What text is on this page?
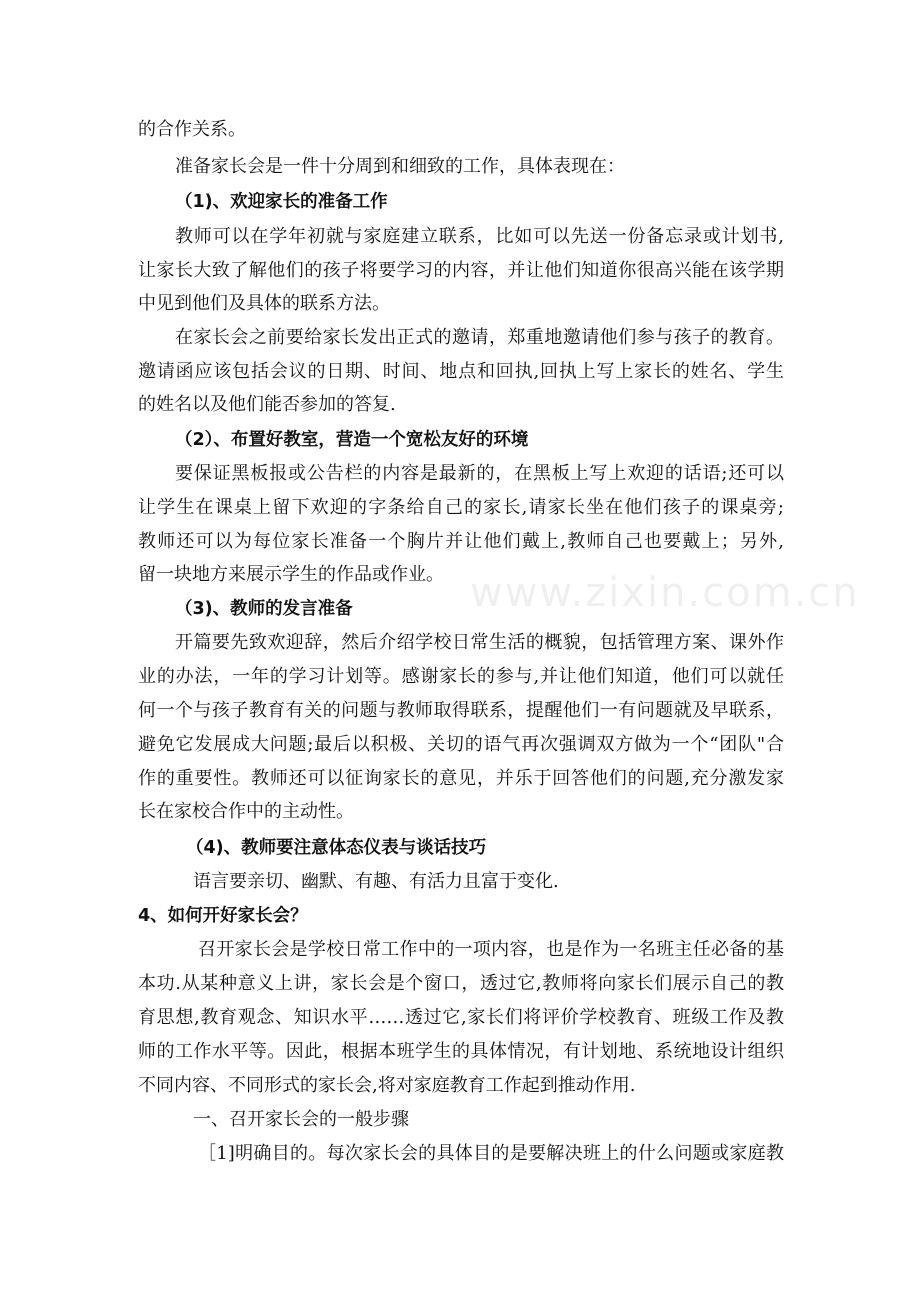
www.zixin.com.cn
的合作关系。
准备家长会是一件十分周到和细致的工作，具体表现在：
（1)、欢迎家长的准备工作
教师可以在学年初就与家庭建立联系，比如可以先送一份备忘录或计划书,
让家长大致了解他们的孩子将要学习的内容，并让他们知道你很高兴能在该学期
中见到他们及具体的联系方法。
在家长会之前要给家长发出正式的邀请，郑重地邀请他们参与孩子的教育。
邀请函应该包括会议的日期、时间、地点和回执,回执上写上家长的姓名、学生
的姓名以及他们能否参加的答复.
（2）、布置好教室，营造一个宽松友好的环境
要保证黑板报或公告栏的内容是最新的，在黑板上写上欢迎的话语;还可以
让学生在课桌上留下欢迎的字条给自己的家长,请家长坐在他们孩子的课桌旁;
教师还可以为每位家长准备一个胸片并让他们戴上,教师自己也要戴上；另外,
留一块地方来展示学生的作品或作业。
（3)、教师的发言准备
开篇要先致欢迎辞，然后介绍学校日常生活的概貌，包括管理方案、课外作
业的办法，一年的学习计划等。感谢家长的参与,并让他们知道，他们可以就任
何一个与孩子教育有关的问题与教师取得联系，提醒他们一有问题就及早联系，
避免它发展成大问题;最后以积极、关切的语气再次强调双方做为一个“团队"合
作的重要性。教师还可以征询家长的意见，并乐于回答他们的问题,充分激发家
长在家校合作中的主动性。
（4)、教师要注意体态仪表与谈话技巧
语言要亲切、幽默、有趣、有活力且富于变化.
4、如何开好家长会？
召开家长会是学校日常工作中的一项内容，也是作为一名班主任必备的基
本功.从某种意义上讲，家长会是个窗口，透过它,教师将向家长们展示自己的教
育思想,教育观念、知识水平……透过它,家长们将评价学校教育、班级工作及教
师的工作水平等。因此，根据本班学生的具体情况，有计划地、系统地设计组织
不同内容、不同形式的家长会,将对家庭教育工作起到推动作用.
一、召开家长会的一般步骤
［1]明确目的。每次家长会的具体目的是要解决班上的什么问题或家庭教
